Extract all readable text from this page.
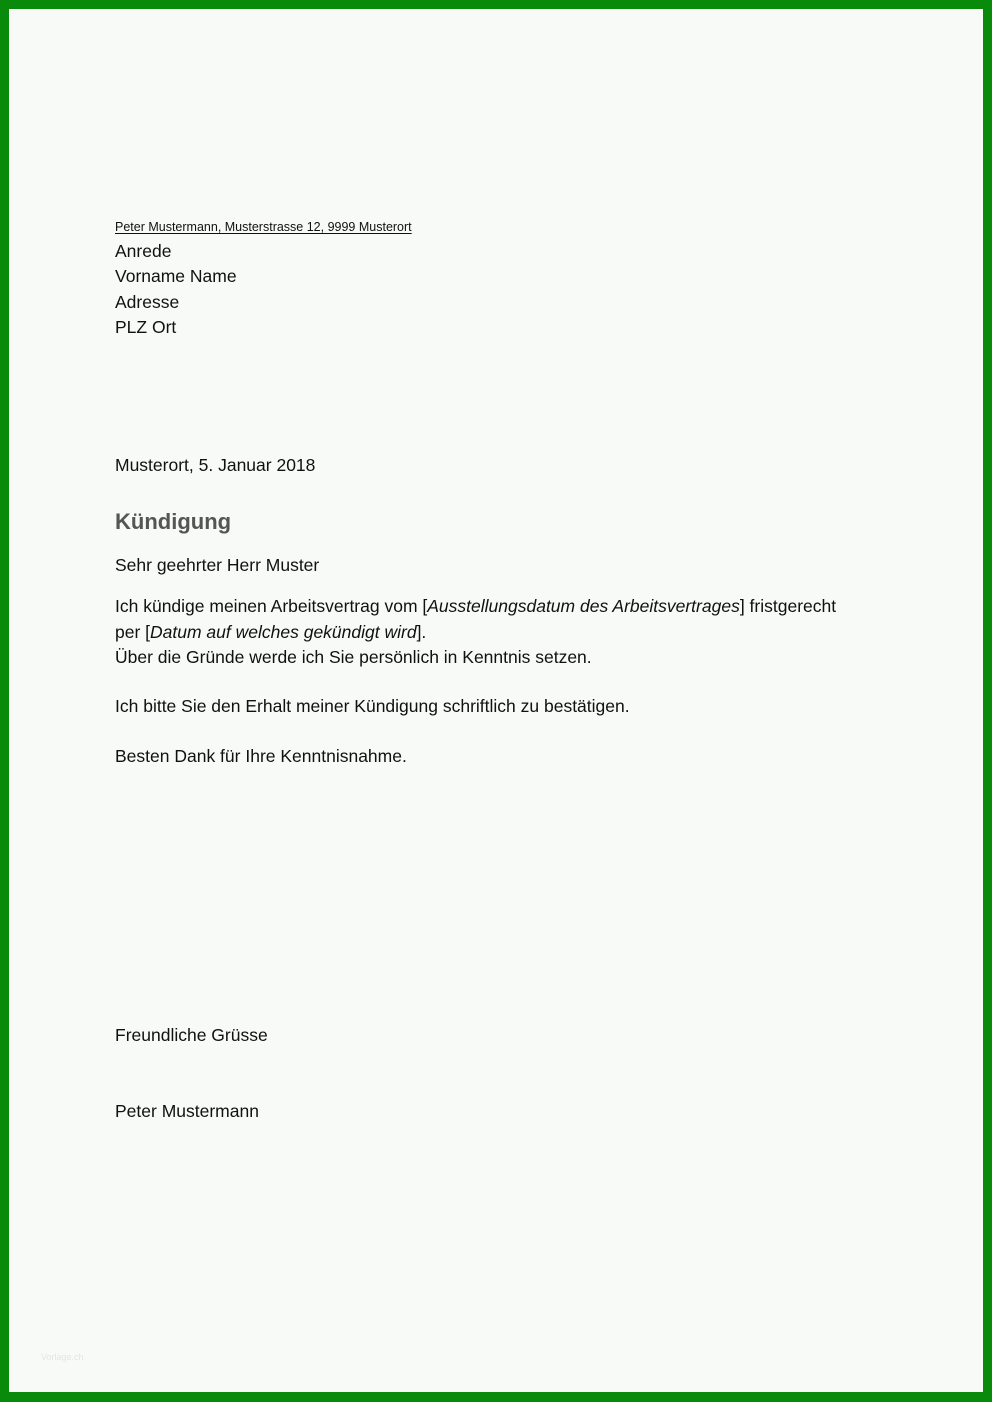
Peter Mustermann, Musterstrasse 12, 9999 Musterort
Anrede
Vorname Name
Adresse
PLZ Ort
Musterort, 5. Januar 2018
Kündigung
Sehr geehrter Herr Muster
Ich kündige meinen Arbeitsvertrag vom [Ausstellungsdatum des Arbeitsvertrages] fristgerecht
per [Datum auf welches gekündigt wird].
Über die Gründe werde ich Sie persönlich in Kenntnis setzen.
Ich bitte Sie den Erhalt meiner Kündigung schriftlich zu bestätigen.
Besten Dank für Ihre Kenntnisnahme.
Freundliche Grüsse
Peter Mustermann
Vorlage.ch
